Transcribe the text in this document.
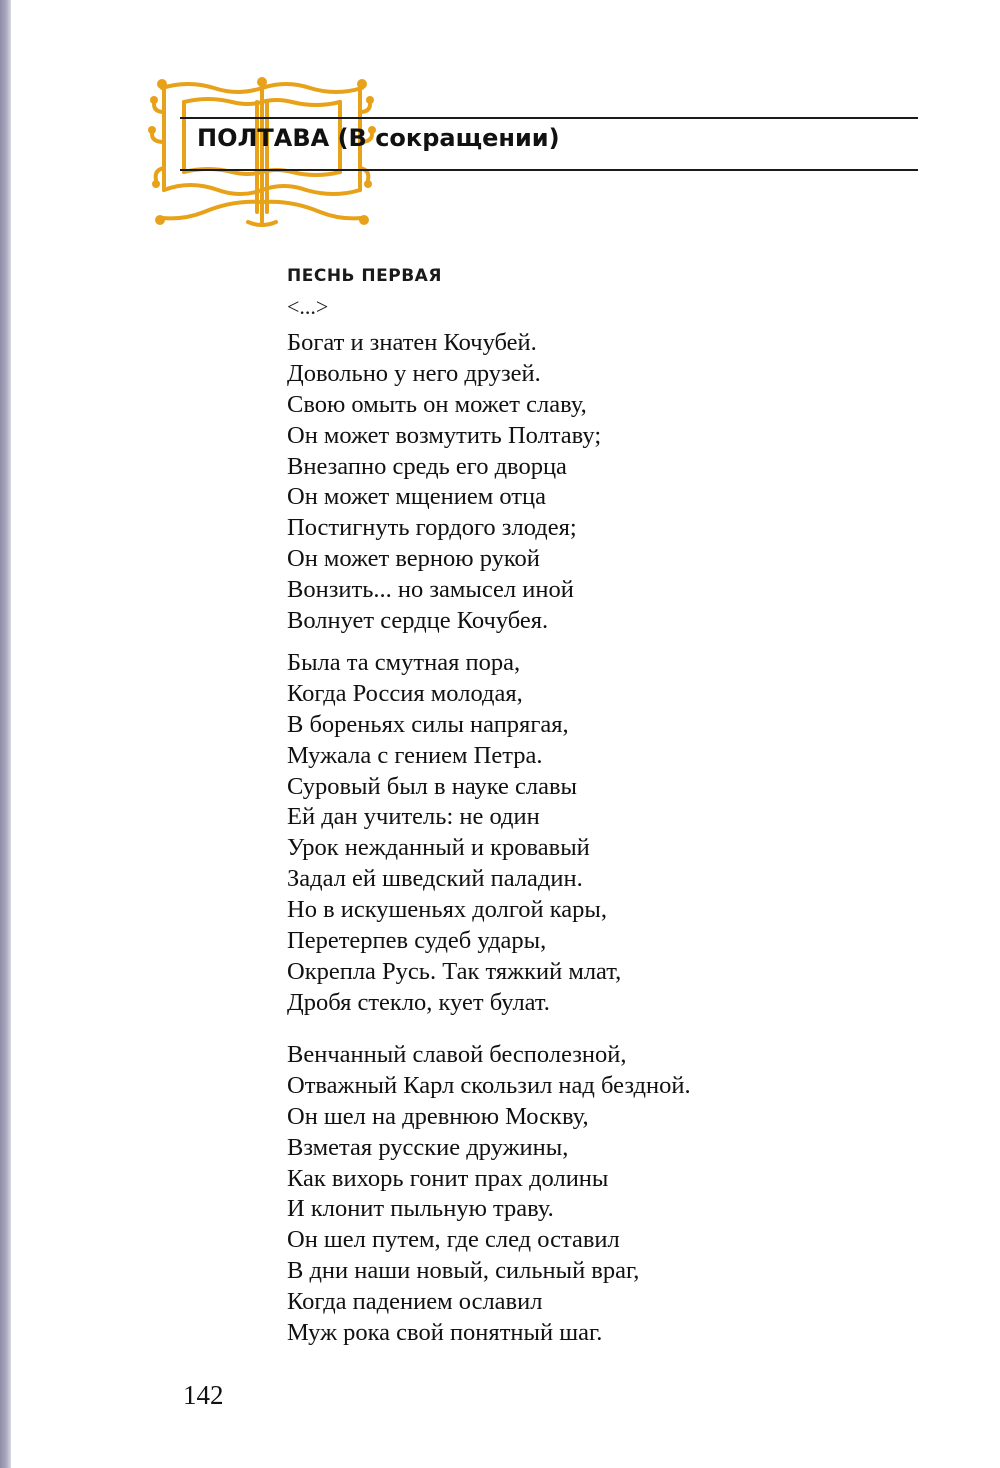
ПОЛТАВА (В сокращении)
ПЕСНЬ ПЕРВАЯ
<...>
Богат и знатен Кочубей.
Довольно у него друзей.
Свою омыть он может славу,
Он может возмутить Полтаву;
Внезапно средь его дворца
Он может мщением отца
Постигнуть гордого злодея;
Он может верною рукой
Вонзить... но замысел иной
Волнует сердце Кочубея.
Была та смутная пора,
Когда Россия молодая,
В бореньях силы напрягая,
Мужала с гением Петра.
Суровый был в науке славы
Ей дан учитель: не один
Урок нежданный и кровавый
Задал ей шведский паладин.
Но в искушеньях долгой кары,
Перетерпев судеб удары,
Окрепла Русь. Так тяжкий млат,
Дробя стекло, кует булат.
Венчанный славой бесполезной,
Отважный Карл скользил над бездной.
Он шел на древнюю Москву,
Взметая русские дружины,
Как вихорь гонит прах долины
И клонит пыльную траву.
Он шел путем, где след оставил
В дни наши новый, сильный враг,
Когда падением ославил
Муж рока свой понятный шаг.
142
